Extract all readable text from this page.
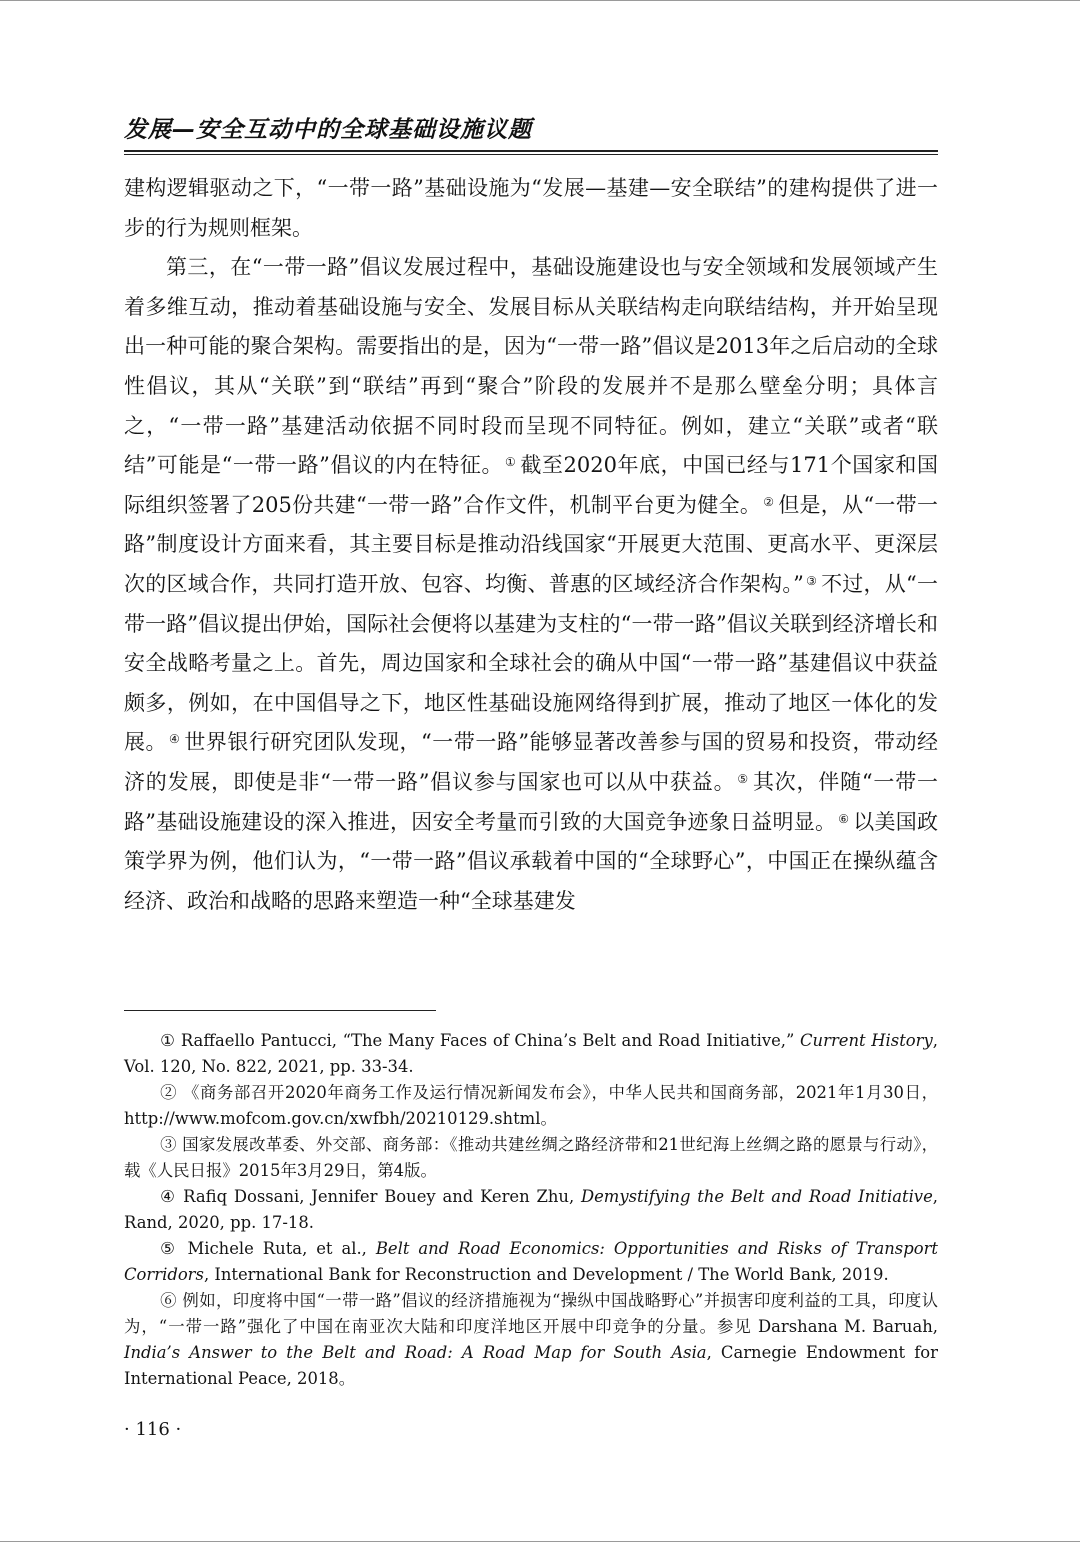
发展—安全互动中的全球基础设施议题

建构逻辑驱动之下，“一带一路”基础设施为“发展—基建—安全联结”的建构提供了进一步的行为规则框架。

第三，在“一带一路”倡议发展过程中，基础设施建设也与安全领域和发展领域产生着多维互动，推动着基础设施与安全、发展目标从关联结构走向联结结构，并开始呈现出一种可能的聚合架构。需要指出的是，因为“一带一路”倡议是2013年之后启动的全球性倡议，其从“关联”到“联结”再到“聚合”阶段的发展并不是那么壁垒分明；具体言之，“一带一路”基建活动依据不同时段而呈现不同特征。例如，建立“关联”或者“联结”可能是“一带一路”倡议的内在特征。 ① 截至2020年底，中国已经与171个国家和国际组织签署了205份共建“一带一路”合作文件，机制平台更为健全。 ② 但是，从“一带一路”制度设计方面来看，其主要目标是推动沿线国家“开展更大范围、更高水平、更深层次的区域合作，共同打造开放、包容、均衡、普惠的区域经济合作架构。” ③ 不过，从“一带一路”倡议提出伊始，国际社会便将以基建为支柱的“一带一路”倡议关联到经济增长和安全战略考量之上。首先，周边国家和全球社会的确从中国“一带一路”基建倡议中获益颇多，例如，在中国倡导之下，地区性基础设施网络得到扩展，推动了地区一体化的发展。 ④ 世界银行研究团队发现，“一带一路”能够显著改善参与国的贸易和投资，带动经济的发展，即使是非“一带一路”倡议参与国家也可以从中获益。 ⑤ 其次，伴随“一带一路”基础设施建设的深入推进，因安全考量而引致的大国竞争迹象日益明显。 ⑥ 以美国政策学界为例，他们认为，“一带一路”倡议承载着中国的“全球野心”，中国正在操纵蕴含经济、政治和战略的思路来塑造一种“全球基建发

① Raffaello Pantucci, “The Many Faces of China’s Belt and Road Initiative,” Current History, Vol. 120, No. 822, 2021, pp. 33-34.

② 《商务部召开2020年商务工作及运行情况新闻发布会》，中华人民共和国商务部，2021年1月30日，http://www.mofcom.gov.cn/xwfbh/20210129.shtml。

③ 国家发展改革委、外交部、商务部：《推动共建丝绸之路经济带和21世纪海上丝绸之路的愿景与行动》，载《人民日报》2015年3月29日，第4版。

④ Rafiq Dossani, Jennifer Bouey and Keren Zhu, Demystifying the Belt and Road Initiative, Rand, 2020, pp. 17-18.

⑤ Michele Ruta, et al., Belt and Road Economics: Opportunities and Risks of Transport Corridors, International Bank for Reconstruction and Development / The World Bank, 2019.

⑥ 例如，印度将中国“一带一路”倡议的经济措施视为“操纵中国战略野心”并损害印度利益的工具，印度认为，“一带一路”强化了中国在南亚次大陆和印度洋地区开展中印竞争的分量。参见 Darshana M. Baruah, India’s Answer to the Belt and Road: A Road Map for South Asia, Carnegie Endowment for International Peace, 2018。

· 116 ·
